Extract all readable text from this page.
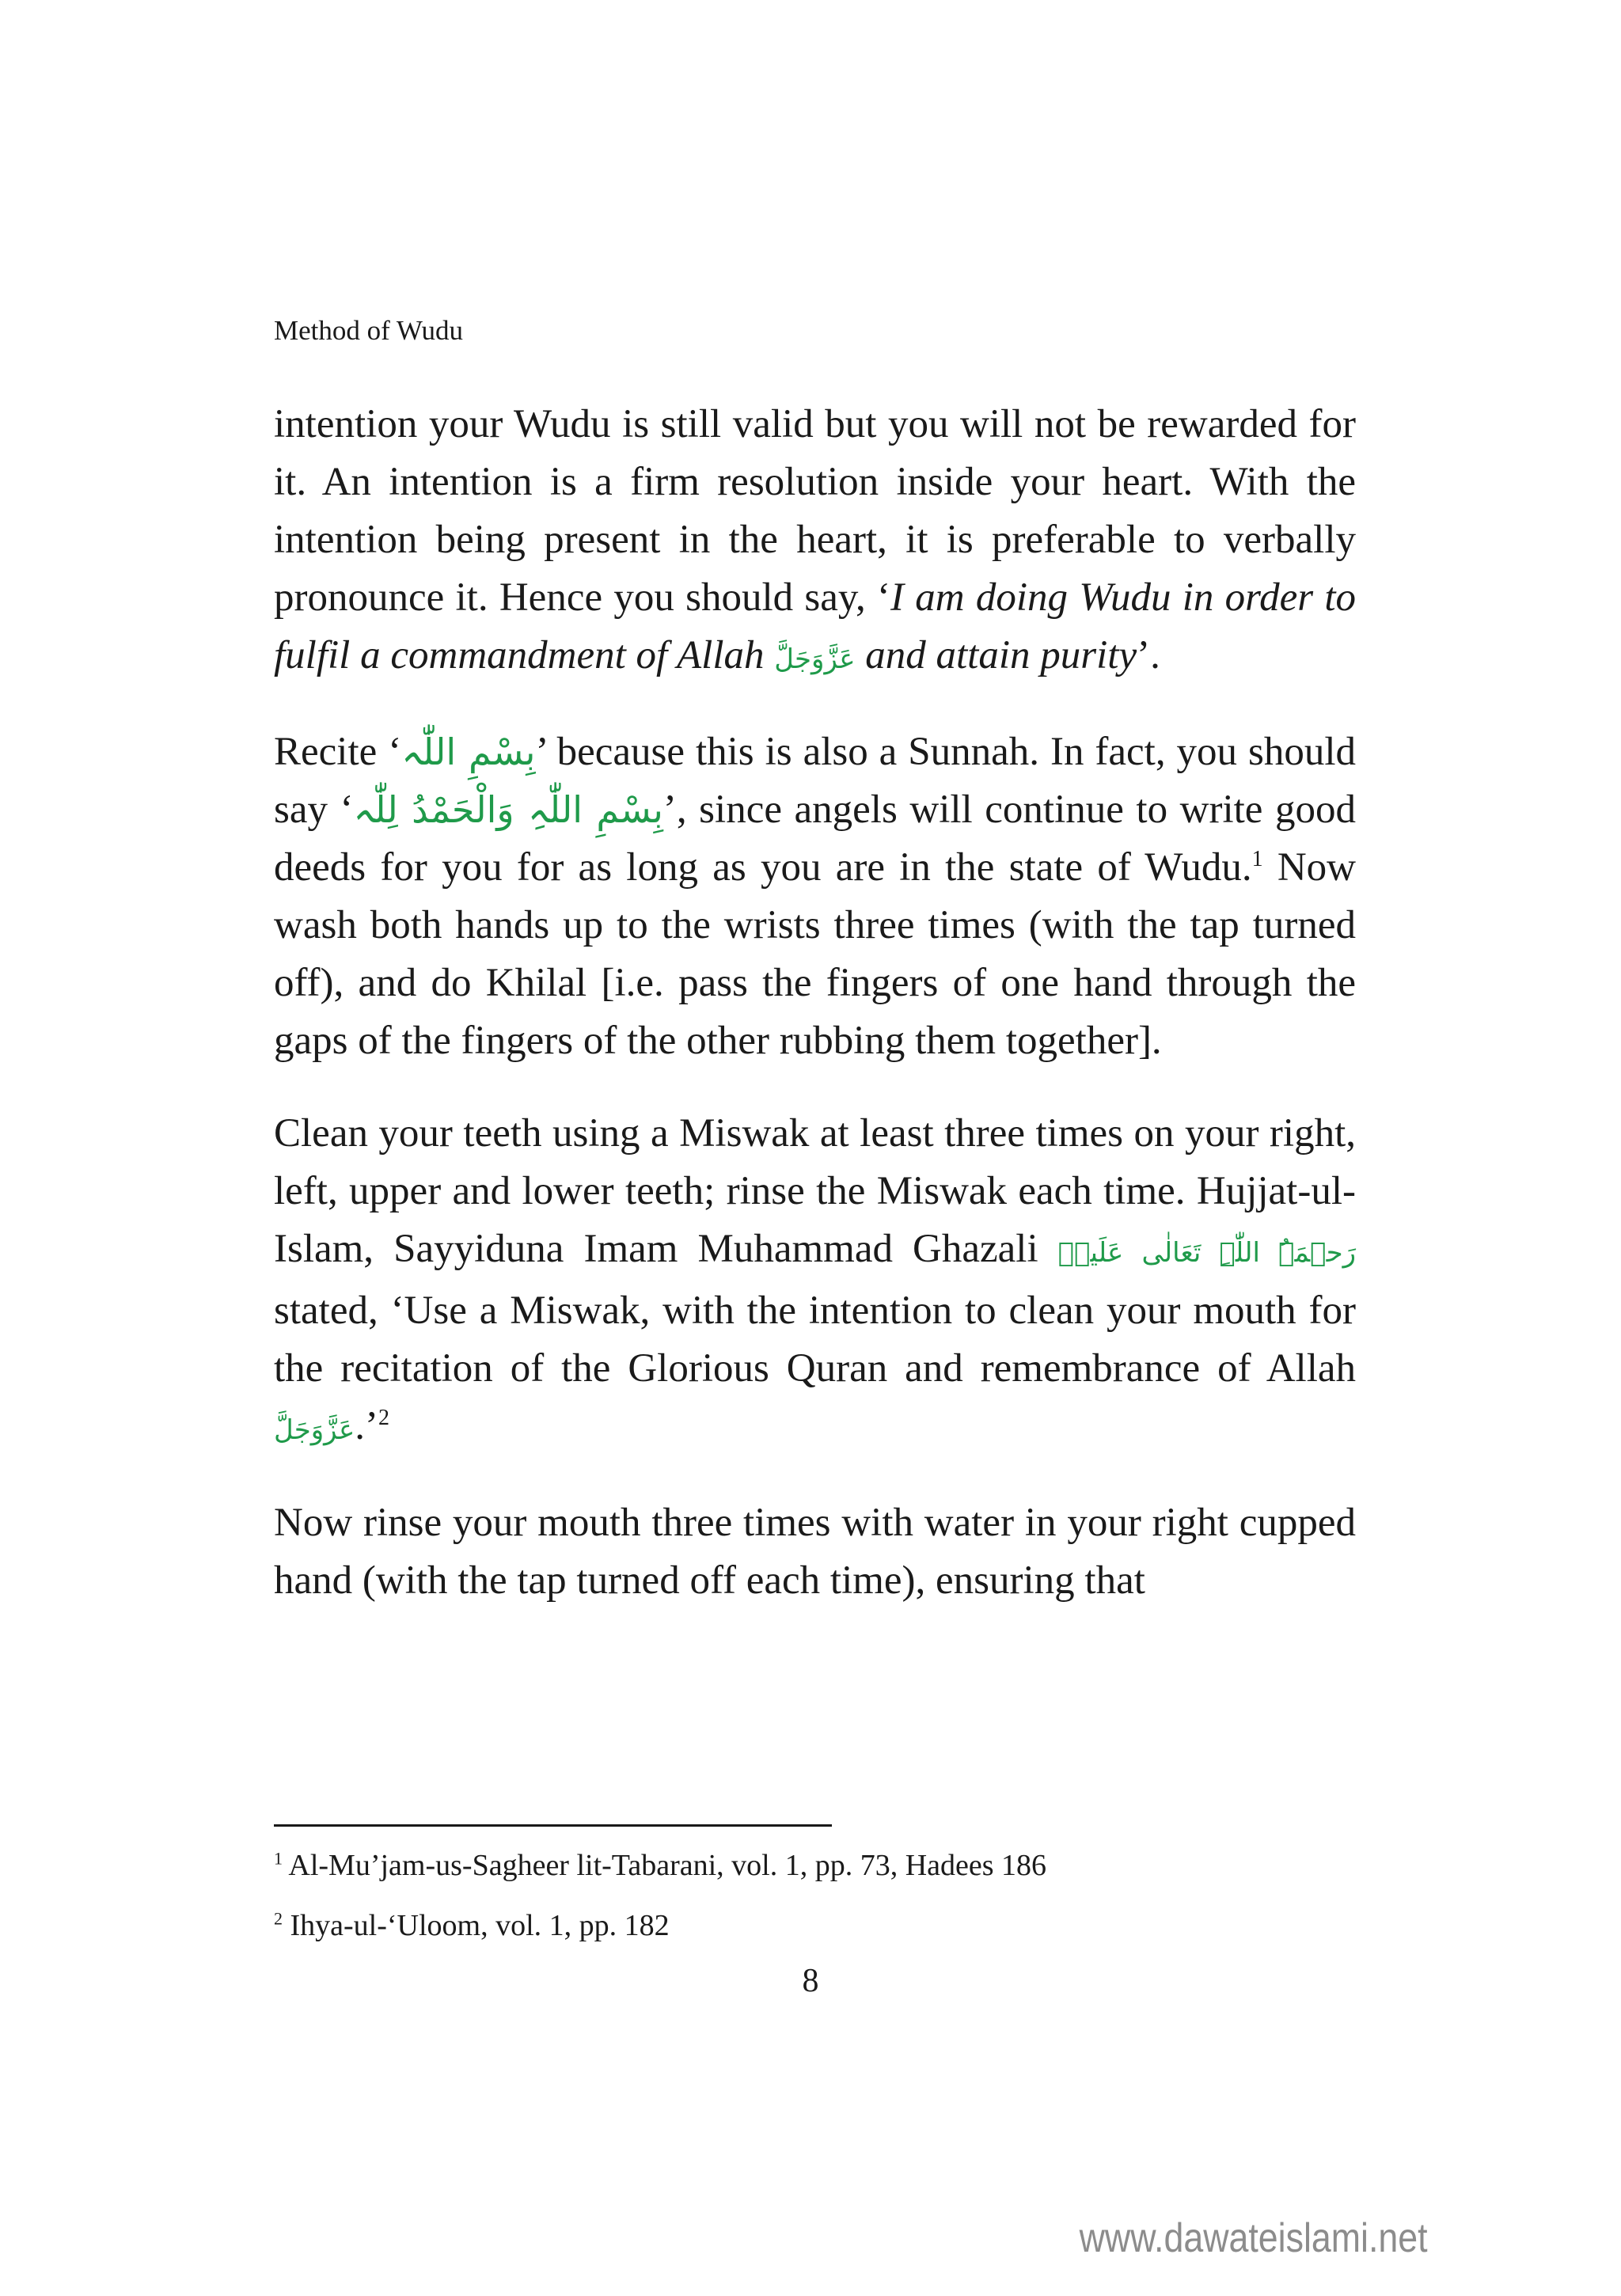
Method of Wudu

intention your Wudu is still valid but you will not be rewarded for it. An intention is a firm resolution inside your heart. With the intention being present in the heart, it is preferable to verbally pronounce it. Hence you should say, ‘I am doing Wudu in order to fulfil a commandment of Allah عَزَّوَجَلَّ and attain purity’.

Recite ‘بِسْمِ اللّٰہ’ because this is also a Sunnah. In fact, you should say ‘بِسْمِ اللّٰہِ وَالْحَمْدُ لِلّٰہ’, since angels will continue to write good deeds for you for as long as you are in the state of Wudu.$^1$ Now wash both hands up to the wrists three times (with the tap turned off), and do Khilal [i.e. pass the fingers of one hand through the gaps of the fingers of the other rubbing them together].

Clean your teeth using a Miswak at least three times on your right, left, upper and lower teeth; rinse the Miswak each time. Hujjat-ul-Islam, Sayyiduna Imam Muhammad Ghazali رَحۡمَۃُ اللّٰہِ تَعَالٰی عَلَیۡہ stated, ‘Use a Miswak, with the intention to clean your mouth for the recitation of the Glorious Quran and remembrance of Allah عَزَّوَجَلَّ.’$^2$

Now rinse your mouth three times with water in your right cupped hand (with the tap turned off each time), ensuring that

$^1$ Al-Mu’jam-us-Sagheer lit-Tabarani, vol. 1, pp. 73, Hadees 186
$^2$ Ihya-ul-‘Uloom, vol. 1, pp. 182
8
www.dawateislami.net
